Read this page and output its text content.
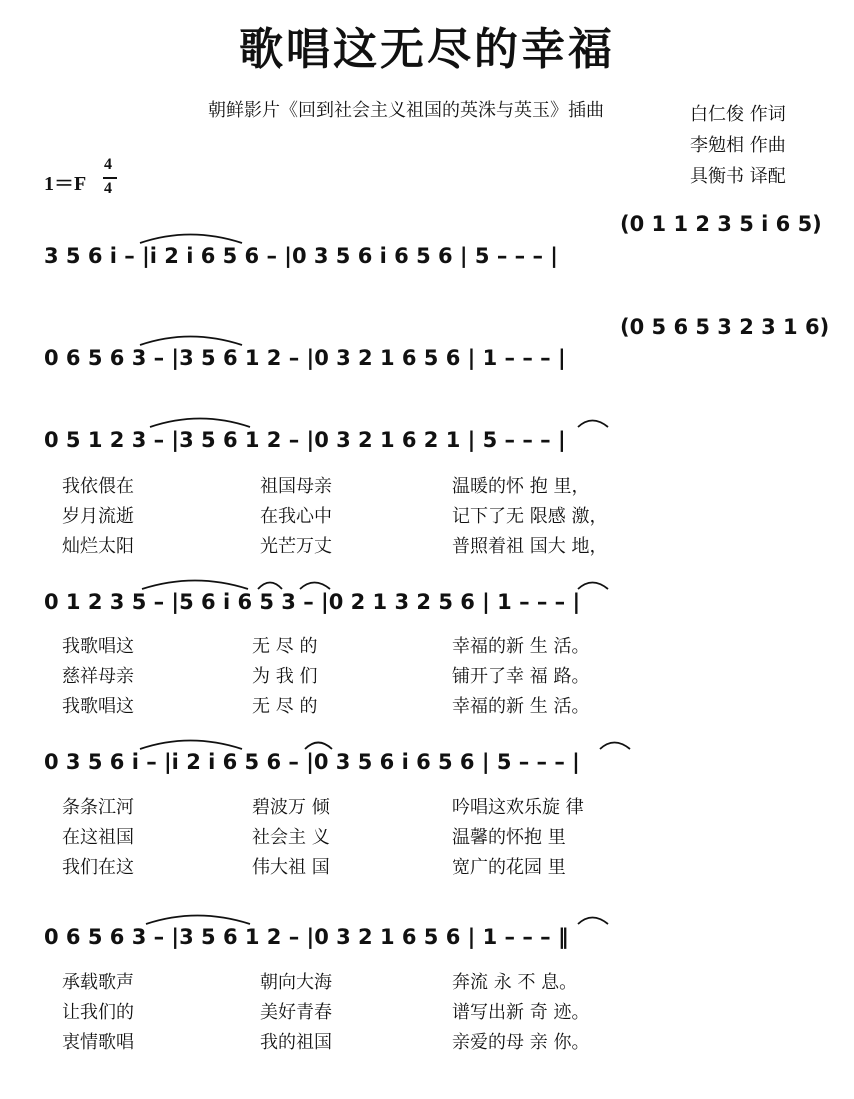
歌唱这无尽的幸福
朝鲜影片《回到社会主义祖国的英洙与英玉》插曲	白仁俊 作词
李勉相 作曲
具衡书 译配
1＝F
4
4
(0 1 1 2 3 5 i 6 5)
3 5 6 i – |i 2 i 6 5 6 – |0 3 5 6 i 6 5 6 | 5 – – – |
(0 5 6 5 3 2 3 1 6)
0 6 5 6 3 – |3 5 6 1 2 – |0 3 2 1 6 5 6 | 1 – – – |
0 5 1 2 3 – |3 5 6 1 2 – |0 3 2 1 6 2 1 | 5 – – – |
我依偎在	祖国母亲	温暖的怀 抱 里，
岁月流逝	在我心中	记下了无 限感 激，
灿烂太阳	光芒万丈	普照着祖 国大 地，
0 1 2 3 5 – |5 6 i 6 5 3 – |0 2 1 3 2 5 6 | 1 – – – |
我歌唱这	无 尽 的	幸福的新 生 活。
慈祥母亲	为 我 们	铺开了幸 福 路。
我歌唱这	无 尽 的	幸福的新 生 活。
0 3 5 6 i – |i 2 i 6 5 6 – |0 3 5 6 i 6 5 6 | 5 – – – |
条条江河	碧波万 倾	吟唱这欢乐旋 律
在这祖国	社会主 义	温馨的怀抱 里
我们在这	伟大祖 国	宽广的花园 里
0 6 5 6 3 – |3 5 6 1 2 – |0 3 2 1 6 5 6 | 1 – – – ‖
承载歌声	朝向大海	奔流 永 不 息。
让我们的	美好青春	谱写出新 奇 迹。
衷情歌唱	我的祖国	亲爱的母 亲 你。
